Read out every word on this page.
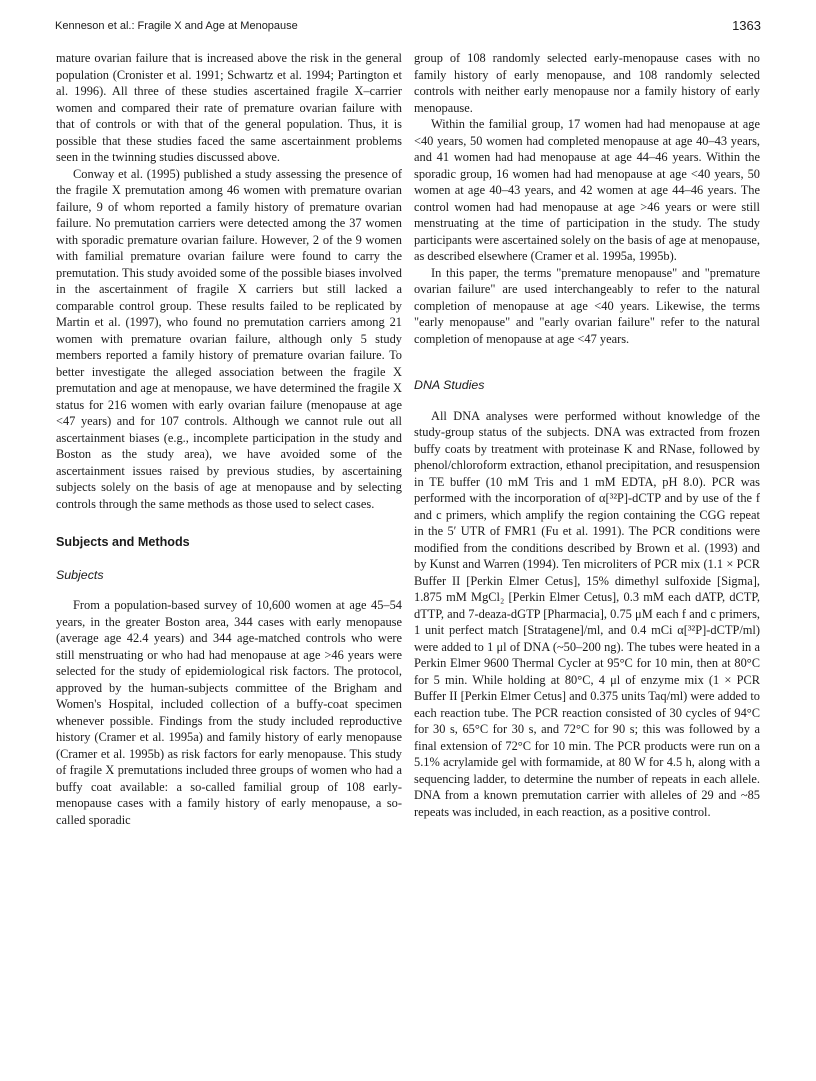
Kenneson et al.: Fragile X and Age at Menopause	1363

mature ovarian failure that is increased above the risk in the general population (Cronister et al. 1991; Schwartz et al. 1994; Partington et al. 1996). All three of these studies ascertained fragile X–carrier women and compared their rate of premature ovarian failure with that of controls or with that of the general population. Thus, it is possible that these studies faced the same ascertainment problems seen in the twinning studies discussed above.

Conway et al. (1995) published a study assessing the presence of the fragile X premutation among 46 women with premature ovarian failure, 9 of whom reported a family history of premature ovarian failure. No premutation carriers were detected among the 37 women with sporadic premature ovarian failure. However, 2 of the 9 women with familial premature ovarian failure were found to carry the premutation. This study avoided some of the possible biases involved in the ascertainment of fragile X carriers but still lacked a comparable control group. These results failed to be replicated by Martin et al. (1997), who found no premutation carriers among 21 women with premature ovarian failure, although only 5 study members reported a family history of premature ovarian failure. To better investigate the alleged association between the fragile X premutation and age at menopause, we have determined the fragile X status for 216 women with early ovarian failure (menopause at age <47 years) and for 107 controls. Although we cannot rule out all ascertainment biases (e.g., incomplete participation in the study and Boston as the study area), we have avoided some of the ascertainment issues raised by previous studies, by ascertaining subjects solely on the basis of age at menopause and by selecting controls through the same methods as those used to select cases.

Subjects and Methods
Subjects

From a population-based survey of 10,600 women at age 45–54 years, in the greater Boston area, 344 cases with early menopause (average age 42.4 years) and 344 age-matched controls who were still menstruating or who had had menopause at age >46 years were selected for the study of epidemiological risk factors. The protocol, approved by the human-subjects committee of the Brigham and Women's Hospital, included collection of a buffy-coat specimen whenever possible. Findings from the study included reproductive history (Cramer et al. 1995a) and family history of early menopause (Cramer et al. 1995b) as risk factors for early menopause. This study of fragile X premutations included three groups of women who had a buffy coat available: a so-called familial group of 108 early-menopause cases with a family history of early menopause, a so-called sporadic

group of 108 randomly selected early-menopause cases with no family history of early menopause, and 108 randomly selected controls with neither early menopause nor a family history of early menopause.

Within the familial group, 17 women had had menopause at age <40 years, 50 women had completed menopause at age 40–43 years, and 41 women had had menopause at age 44–46 years. Within the sporadic group, 16 women had had menopause at age <40 years, 50 women at age 40–43 years, and 42 women at age 44–46 years. The control women had had menopause at age >46 years or were still menstruating at the time of participation in the study. The study participants were ascertained solely on the basis of age at menopause, as described elsewhere (Cramer et al. 1995a, 1995b).

In this paper, the terms "premature menopause" and "premature ovarian failure" are used interchangeably to refer to the natural completion of menopause at age <40 years. Likewise, the terms "early menopause" and "early ovarian failure" refer to the natural completion of menopause at age <47 years.

DNA Studies

All DNA analyses were performed without knowledge of the study-group status of the subjects. DNA was extracted from frozen buffy coats by treatment with proteinase K and RNase, followed by phenol/chloroform extraction, ethanol precipitation, and resuspension in TE buffer (10 mM Tris and 1 mM EDTA, pH 8.0). PCR was performed with the incorporation of α[³²P]-dCTP and by use of the f and c primers, which amplify the region containing the CGG repeat in the 5′ UTR of FMR1 (Fu et al. 1991). The PCR conditions were modified from the conditions described by Brown et al. (1993) and by Kunst and Warren (1994). Ten microliters of PCR mix (1.1 × PCR Buffer II [Perkin Elmer Cetus], 15% dimethyl sulfoxide [Sigma], 1.875 mM MgCl₂ [Perkin Elmer Cetus], 0.3 mM each dATP, dCTP, dTTP, and 7-deaza-dGTP [Pharmacia], 0.75 μM each f and c primers, 1 unit perfect match [Stratagene]/ml, and 0.4 mCi α[³²P]-dCTP/ml) were added to 1 μl of DNA (~50–200 ng). The tubes were heated in a Perkin Elmer 9600 Thermal Cycler at 95°C for 10 min, then at 80°C for 5 min. While holding at 80°C, 4 μl of enzyme mix (1 × PCR Buffer II [Perkin Elmer Cetus] and 0.375 units Taq/ml) were added to each reaction tube. The PCR reaction consisted of 30 cycles of 94°C for 30 s, 65°C for 30 s, and 72°C for 90 s; this was followed by a final extension of 72°C for 10 min. The PCR products were run on a 5.1% acrylamide gel with formamide, at 80 W for 4.5 h, along with a sequencing ladder, to determine the number of repeats in each allele. DNA from a known premutation carrier with alleles of 29 and ~85 repeats was included, in each reaction, as a positive control.
